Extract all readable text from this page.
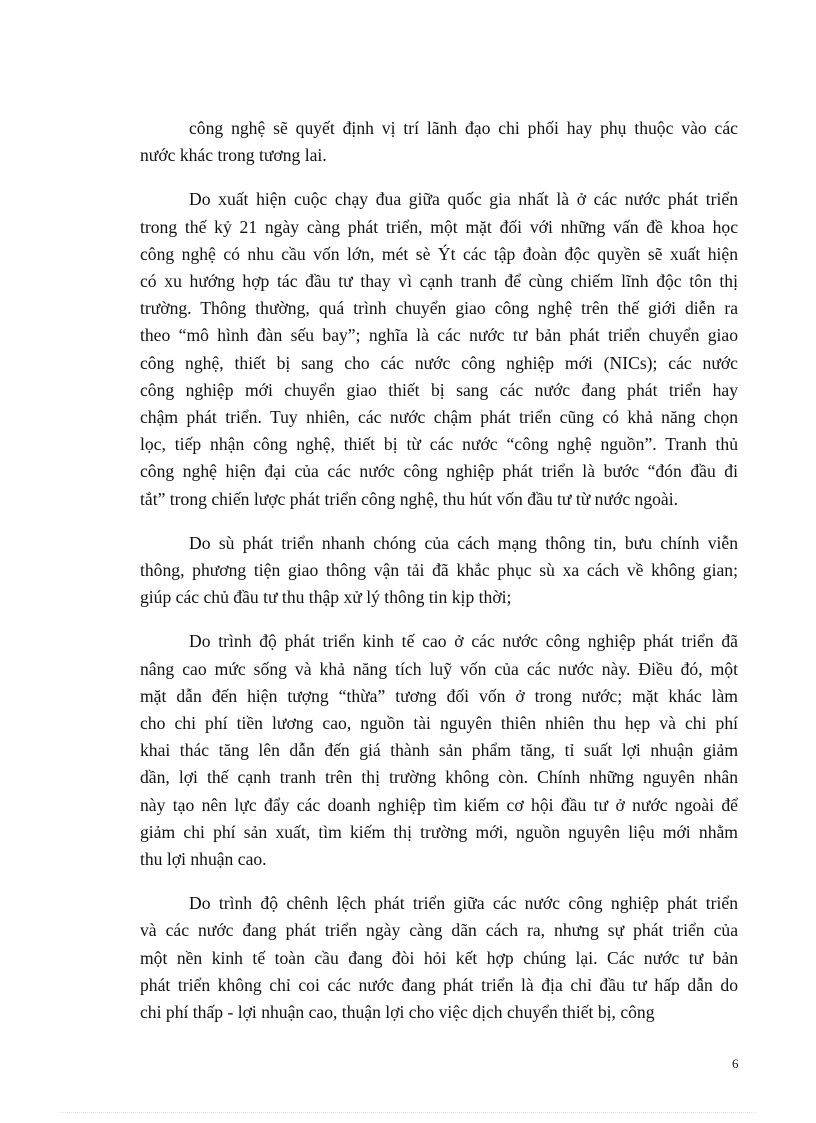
công nghệ sẽ quyết định vị trí lãnh đạo chi phối hay phụ thuộc vào các
nước khác trong tương lai.
Do xuất hiện cuộc chạy đua giữa quốc gia nhất là ở các nước phát triển
trong thế kỷ 21 ngày càng phát triển, một mặt đối với những vấn đề khoa học
công nghệ có nhu cầu vốn lớn, mét sè Ýt các tập đoàn độc quyền sẽ xuất hiện
có xu hướng hợp tác đầu tư thay vì cạnh tranh để cùng chiếm lĩnh độc tôn thị
trường. Thông thường, quá trình chuyển giao công nghệ trên thế giới diễn ra
theo “mô hình đàn sếu bay”; nghĩa là các nước tư bản phát triển chuyển giao
công nghệ, thiết bị sang cho các nước công nghiệp mới (NICs); các nước
công nghiệp mới chuyển giao thiết bị sang các nước đang phát triển hay
chậm phát triển. Tuy nhiên, các nước chậm phát triển cũng có khả năng chọn
lọc, tiếp nhận công nghệ, thiết bị từ các nước “công nghệ nguồn”. Tranh thủ
công nghệ hiện đại của các nước công nghiệp phát triển là bước “đón đầu đi
tắt” trong chiến lược phát triển công nghệ, thu hút vốn đầu tư từ nước ngoài.
Do sù phát triển nhanh chóng của cách mạng thông tin, bưu chính viễn
thông, phương tiện giao thông vận tải đã khắc phục sù xa cách về không gian;
giúp các chủ đầu tư thu thập xử lý thông tin kịp thời;
Do trình độ phát triển kinh tế cao ở các nước công nghiệp phát triển đã
nâng cao mức sống và khả năng tích luỹ vốn của các nước này. Điều đó, một
mặt dẫn đến hiện tượng “thừa” tương đối vốn ở trong nước; mặt khác làm
cho chi phí tiền lương cao, nguồn tài nguyên thiên nhiên thu hẹp và chi phí
khai thác tăng lên dẫn đến giá thành sản phẩm tăng, tỉ suất lợi nhuận giảm
dần, lợi thế cạnh tranh trên thị trường không còn. Chính những nguyên nhân
này tạo nên lực đẩy các doanh nghiệp tìm kiếm cơ hội đầu tư ở nước ngoài để
giảm chi phí sản xuất, tìm kiếm thị trường mới, nguồn nguyên liệu mới nhằm
thu lợi nhuận cao.
Do trình độ chênh lệch phát triển giữa các nước công nghiệp phát triển
và các nước đang phát triển ngày càng dãn cách ra, nhưng sự phát triển của
một nền kinh tế toàn cầu đang đòi hỏi kết hợp chúng lại. Các nước tư bản
phát triển không chỉ coi các nước đang phát triển là địa chỉ đầu tư hấp dẫn do
chi phí thấp - lợi nhuận cao, thuận lợi cho việc dịch chuyển thiết bị, công
6
